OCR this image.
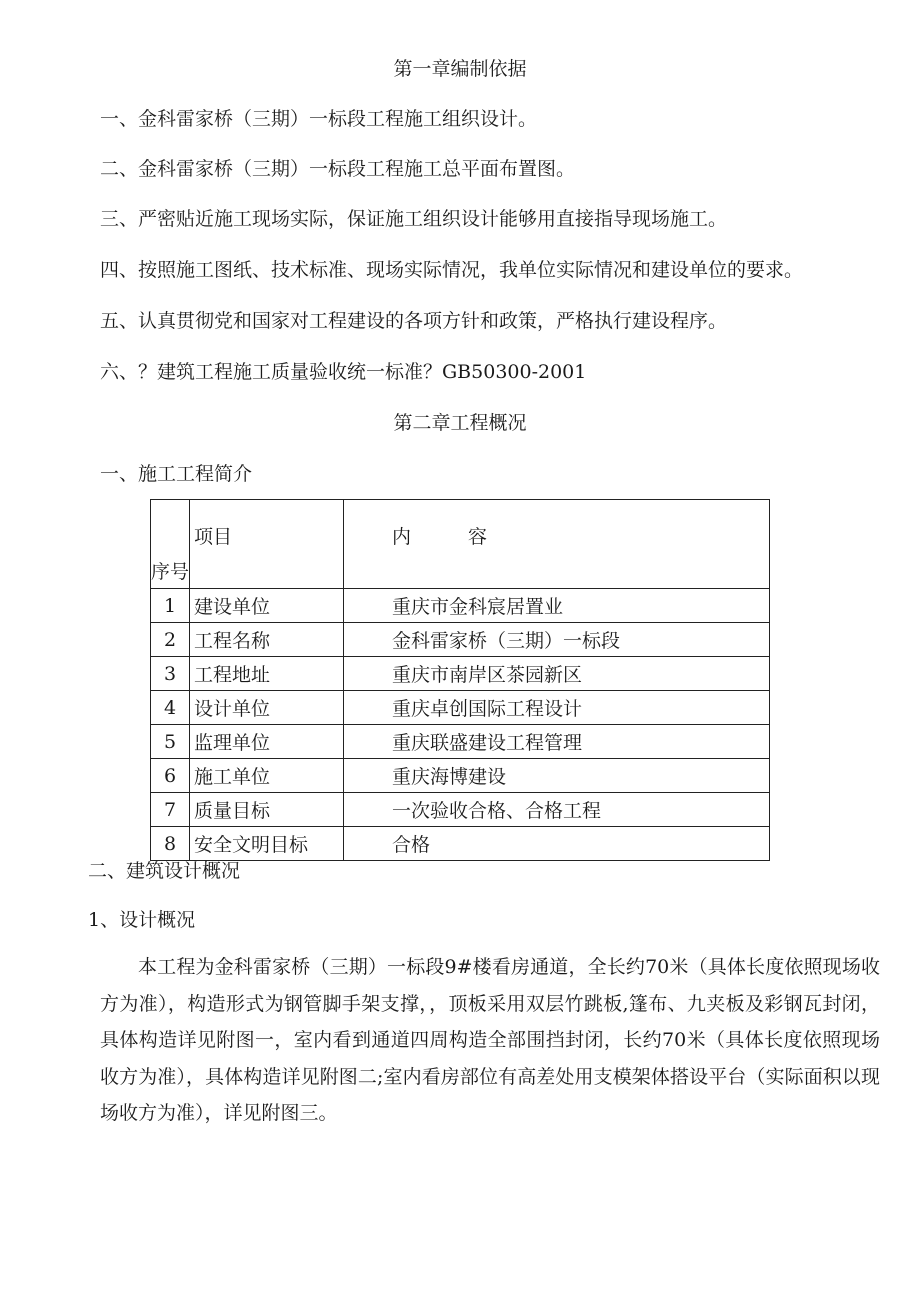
第一章编制依据
一、金科雷家桥（三期）一标段工程施工组织设计。
二、金科雷家桥（三期）一标段工程施工总平面布置图。
三、严密贴近施工现场实际，保证施工组织设计能够用直接指导现场施工。
四、按照施工图纸、技术标准、现场实际情况，我单位实际情况和建设单位的要求。
五、认真贯彻党和国家对工程建设的各项方针和政策，严格执行建设程序。
六、？建筑工程施工质量验收统一标准？GB50300-2001
第二章工程概况
一、施工工程简介
序号	项目	内　　　容
1	建设单位	重庆市金科宸居置业
2	工程名称	金科雷家桥（三期）一标段
3	工程地址	重庆市南岸区茶园新区
4	设计单位	重庆卓创国际工程设计
5	监理单位	重庆联盛建设工程管理
6	施工单位	重庆海博建设
7	质量目标	一次验收合格、合格工程
8	安全文明目标	合格
二、建筑设计概况
1、设计概况
本工程为金科雷家桥（三期）一标段9#楼看房通道，全长约70米（具体长度依照现场收方为准），构造形式为钢管脚手架支撑，，顶板采用双层竹跳板,篷布、九夹板及彩钢瓦封闭，具体构造详见附图一，室内看到通道四周构造全部围挡封闭，长约70米（具体长度依照现场收方为准），具体构造详见附图二;室内看房部位有高差处用支模架体搭设平台（实际面积以现场收方为准），详见附图三。
